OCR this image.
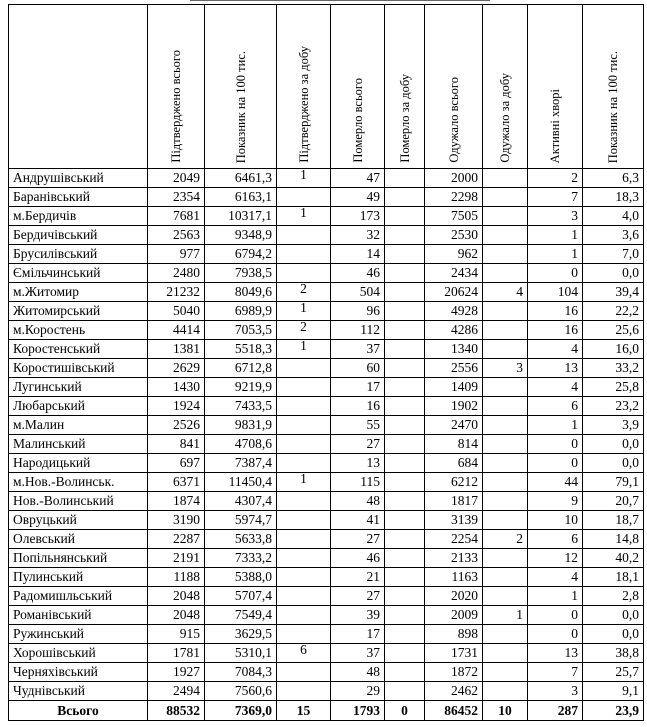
	Підтверджено всього	Показник на 100 тис.	Підтверджено за добу	Померло всього	Померло за добу	Одужало всього	Одужало за добу	Активні хворі	Показник на 100 тис.

Андрушівський	2049	6461,3	1	47		2000		2	6,3
Баранівський	2354	6163,1		49		2298		7	18,3
м.Бердичів	7681	10317,1	1	173		7505		3	4,0
Бердичівський	2563	9348,9		32		2530		1	3,6
Брусилівський	977	6794,2		14		962		1	7,0
Ємільчинський	2480	7938,5		46		2434		0	0,0
м.Житомир	21232	8049,6	2	504		20624	4	104	39,4
Житомирський	5040	6989,9	1	96		4928		16	22,2
м.Коростень	4414	7053,5	2	112		4286		16	25,6
Коростенський	1381	5518,3	1	37		1340		4	16,0
Коростишівський	2629	6712,8		60		2556	3	13	33,2
Лугинський	1430	9219,9		17		1409		4	25,8
Любарський	1924	7433,5		16		1902		6	23,2
м.Малин	2526	9831,9		55		2470		1	3,9
Малинський	841	4708,6		27		814		0	0,0
Народицький	697	7387,4		13		684		0	0,0
м.Нов.-Волинськ.	6371	11450,4	1	115		6212		44	79,1
Нов.-Волинський	1874	4307,4		48		1817		9	20,7
Овруцький	3190	5974,7		41		3139		10	18,7
Олевський	2287	5633,8		27		2254	2	6	14,8
Попільнянський	2191	7333,2		46		2133		12	40,2
Пулинський	1188	5388,0		21		1163		4	18,1
Радомишльський	2048	5707,4		27		2020		1	2,8
Романівський	2048	7549,4		39		2009	1	0	0,0
Ружинський	915	3629,5		17		898		0	0,0
Хорошівський	1781	5310,1	6	37		1731		13	38,8
Черняхівський	1927	7084,3		48		1872		7	25,7
Чуднівський	2494	7560,6		29		2462		3	9,1
Всього	88532	7369,0	15	1793	0	86452	10	287	23,9
